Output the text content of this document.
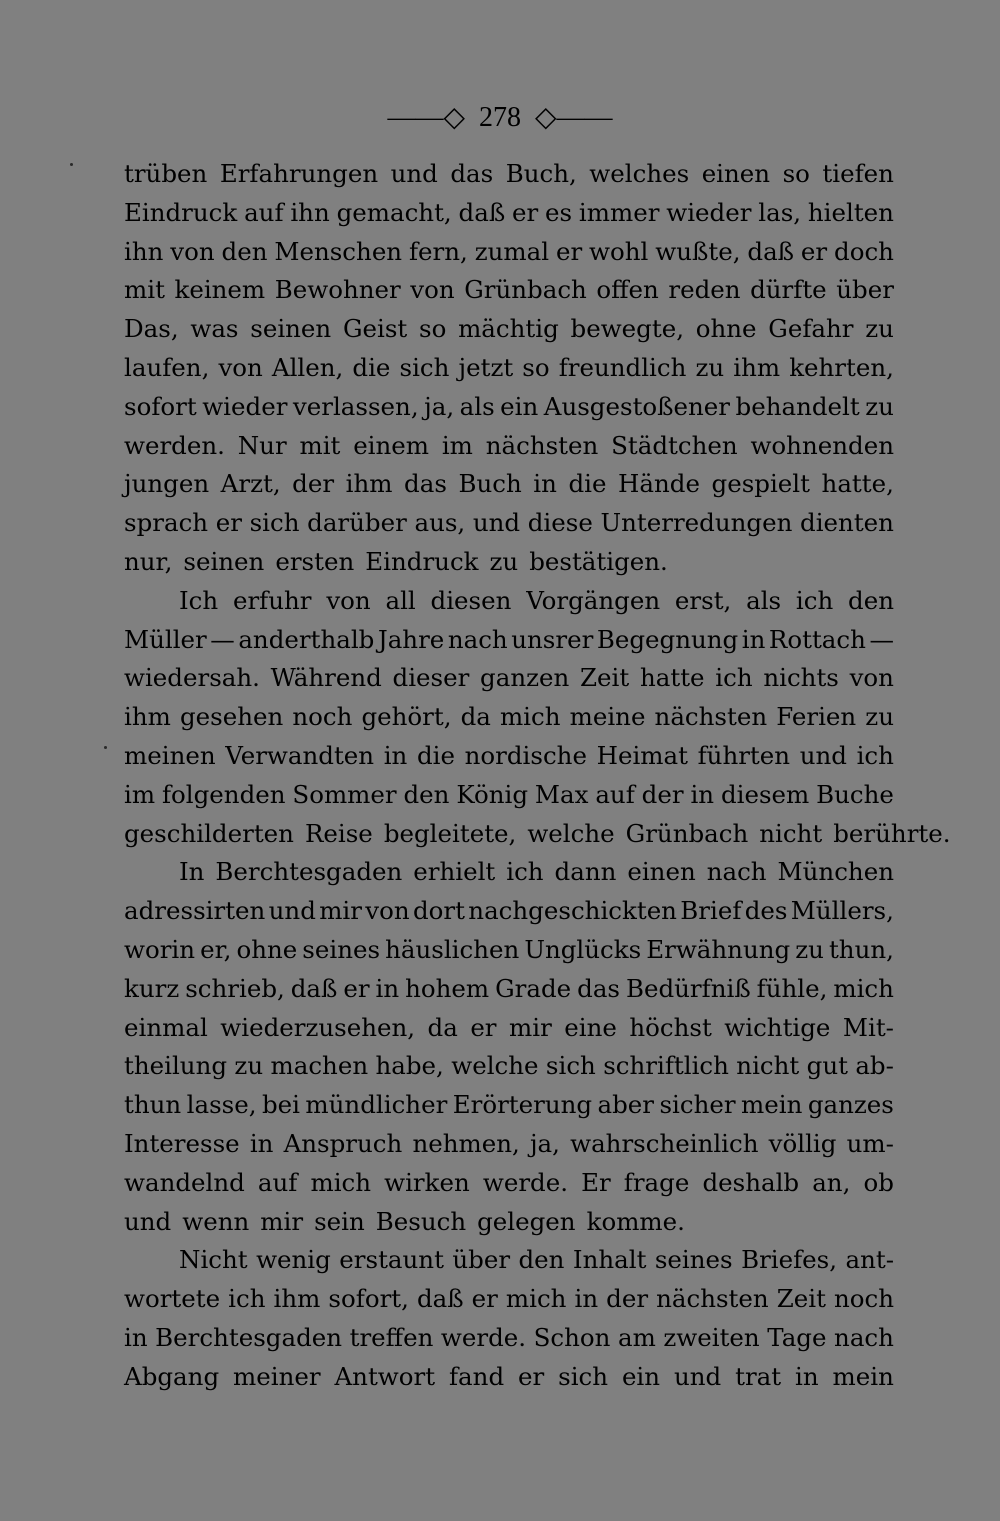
——◇ 278 ◇——
trüben Erfahrungen und das Buch, welches einen so tiefen
Eindruck auf ihn gemacht, daß er es immer wieder las, hielten
ihn von den Menschen fern, zumal er wohl wußte, daß er doch
mit keinem Bewohner von Grünbach offen reden dürfte über
Das, was seinen Geist so mächtig bewegte, ohne Gefahr zu
laufen, von Allen, die sich jetzt so freundlich zu ihm kehrten,
sofort wieder verlassen, ja, als ein Ausgestoßener behandelt zu
werden. Nur mit einem im nächsten Städtchen wohnenden
jungen Arzt, der ihm das Buch in die Hände gespielt hatte,
sprach er sich darüber aus, und diese Unterredungen dienten
nur, seinen ersten Eindruck zu bestätigen.
Ich erfuhr von all diesen Vorgängen erst, als ich den
Müller — anderthalb Jahre nach unsrer Begegnung in Rottach —
wiedersah. Während dieser ganzen Zeit hatte ich nichts von
ihm gesehen noch gehört, da mich meine nächsten Ferien zu
meinen Verwandten in die nordische Heimat führten und ich
im folgenden Sommer den König Max auf der in diesem Buche
geschilderten Reise begleitete, welche Grünbach nicht berührte.
In Berchtesgaden erhielt ich dann einen nach München
adressirten und mir von dort nachgeschickten Brief des Müllers,
worin er, ohne seines häuslichen Unglücks Erwähnung zu thun,
kurz schrieb, daß er in hohem Grade das Bedürfniß fühle, mich
einmal wiederzusehen, da er mir eine höchst wichtige Mit-
theilung zu machen habe, welche sich schriftlich nicht gut ab-
thun lasse, bei mündlicher Erörterung aber sicher mein ganzes
Interesse in Anspruch nehmen, ja, wahrscheinlich völlig um-
wandelnd auf mich wirken werde. Er frage deshalb an, ob
und wenn mir sein Besuch gelegen komme.
Nicht wenig erstaunt über den Inhalt seines Briefes, ant-
wortete ich ihm sofort, daß er mich in der nächsten Zeit noch
in Berchtesgaden treffen werde. Schon am zweiten Tage nach
Abgang meiner Antwort fand er sich ein und trat in mein
